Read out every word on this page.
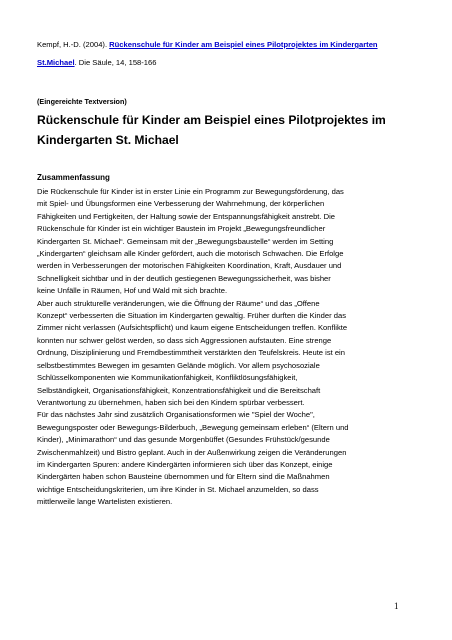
Kempf, H.-D. (2004). Rückenschule für Kinder am Beispiel eines Pilotprojektes im Kindergarten
St.Michael. Die Säule, 14, 158-166
(Eingereichte Textversion)
Rückenschule für Kinder am Beispiel eines Pilotprojektes im
Kindergarten St. Michael
Zusammenfassung

Die Rückenschule für Kinder ist in erster Linie ein Programm zur Bewegungsförderung, das

mit Spiel- und Übungsformen eine Verbesserung der Wahrnehmung, der körperlichen

Fähigkeiten und Fertigkeiten, der Haltung sowie der Entspannungsfähigkeit anstrebt. Die

Rückenschule für Kinder ist ein wichtiger Baustein im Projekt „Bewegungsfreundlicher

Kindergarten St. Michael“. Gemeinsam mit der „Bewegungsbaustelle“ werden im Setting

„Kindergarten“ gleichsam alle Kinder gefördert, auch die motorisch Schwachen. Die Erfolge

werden in Verbesserungen der motorischen Fähigkeiten Koordination, Kraft, Ausdauer und

Schnelligkeit sichtbar und in der deutlich gestiegenen Bewegungssicherheit, was bisher

keine Unfälle in Räumen, Hof und Wald mit sich brachte.

Aber auch strukturelle veränderungen, wie die Öffnung der Räume“ und das „Offene

Konzept“ verbesserten die Situation im Kindergarten gewaltig. Früher durften die Kinder das

Zimmer nicht verlassen (Aufsichtspflicht) und kaum eigene Entscheidungen treffen. Konflikte

konnten nur schwer gelöst werden, so dass sich Aggressionen aufstauten. Eine strenge

Ordnung, Disziplinierung und Fremdbestimmtheit verstärkten den Teufelskreis. Heute ist ein

selbstbestimmtes Bewegen im gesamten Gelände möglich. Vor allem psychosoziale

Schlüsselkomponenten wie Kommunikationfähigkeit, Konfliktlösungsfähigkeit,

Selbständigkeit, Organisationsfähigkeit, Konzentrationsfähigkeit und die Bereitschaft

Verantwortung zu übernehmen, haben sich bei den Kindern spürbar verbessert.

Für das nächstes Jahr sind zusätzlich Organisationsformen wie "Spiel der Woche",

Bewegungsposter oder Bewegungs-Bilderbuch, „Bewegung gemeinsam erleben“ (Eltern und

Kinder), „Minimarathon“ und das gesunde Morgenbüffet (Gesundes Frühstück/gesunde

Zwischenmahlzeit) und Bistro geplant. Auch in der Außenwirkung zeigen die Veränderungen

im Kindergarten Spuren: andere Kindergärten informieren sich über das Konzept, einige

Kindergärten haben schon Bausteine übernommen und für Eltern sind die Maßnahmen

wichtige Entscheidungskriterien, um ihre Kinder in St. Michael anzumelden, so dass

mittlerweile lange Wartelisten existieren.

1
